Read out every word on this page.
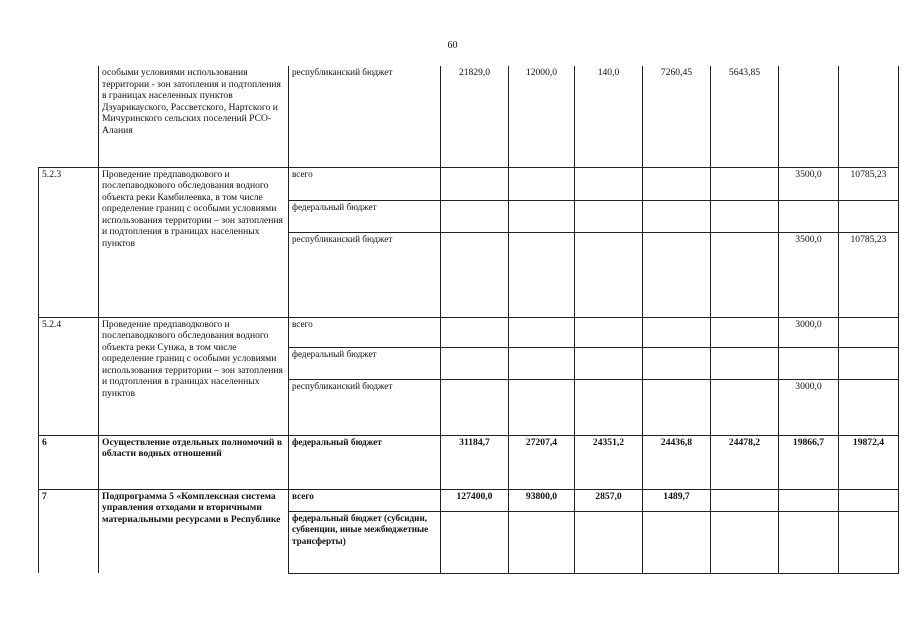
60
	особыми условиями использования территории - зон затопления и подтопления в границах населенных пунктов Дзуарикауского, Рассветского, Нартского и Мичуринского сельских поселений РСО-Алания	республиканский бюджет	21829,0	12000,0	140,0	7260,45	5643,85		
5.2.3	Проведение предпаводкового и послепаводкового обследования водного объекта реки Камбилеевка, в том числе определение границ с особыми условиями использования территории – зон затопления и подтопления в границах населенных пунктов	всего						3500,0	10785,23
		федеральный бюджет							
		республиканский бюджет						3500,0	10785,23
5.2.4	Проведение предпаводкового и послепаводкового обследования водного объекта реки Сунжа, в том числе определение границ с особыми условиями использования территории – зон затопления и подтопления в границах населенных пунктов	всего						3000,0	
		федеральный бюджет							
		республиканский бюджет						3000,0	
6	Осуществление отдельных полномочий в области водных отношений	федеральный бюджет	31184,7	27207,4	24351,2	24436,8	24478,2	19866,7	19872,4
7	Подпрограмма 5 «Комплексная система управления отходами и вторичными материальными ресурсами в Республике	всего	127400,0	93800,0	2857,0	1489,7			
		федеральный бюджет (субсидии, субвенции, иные межбюджетные трансферты)							
